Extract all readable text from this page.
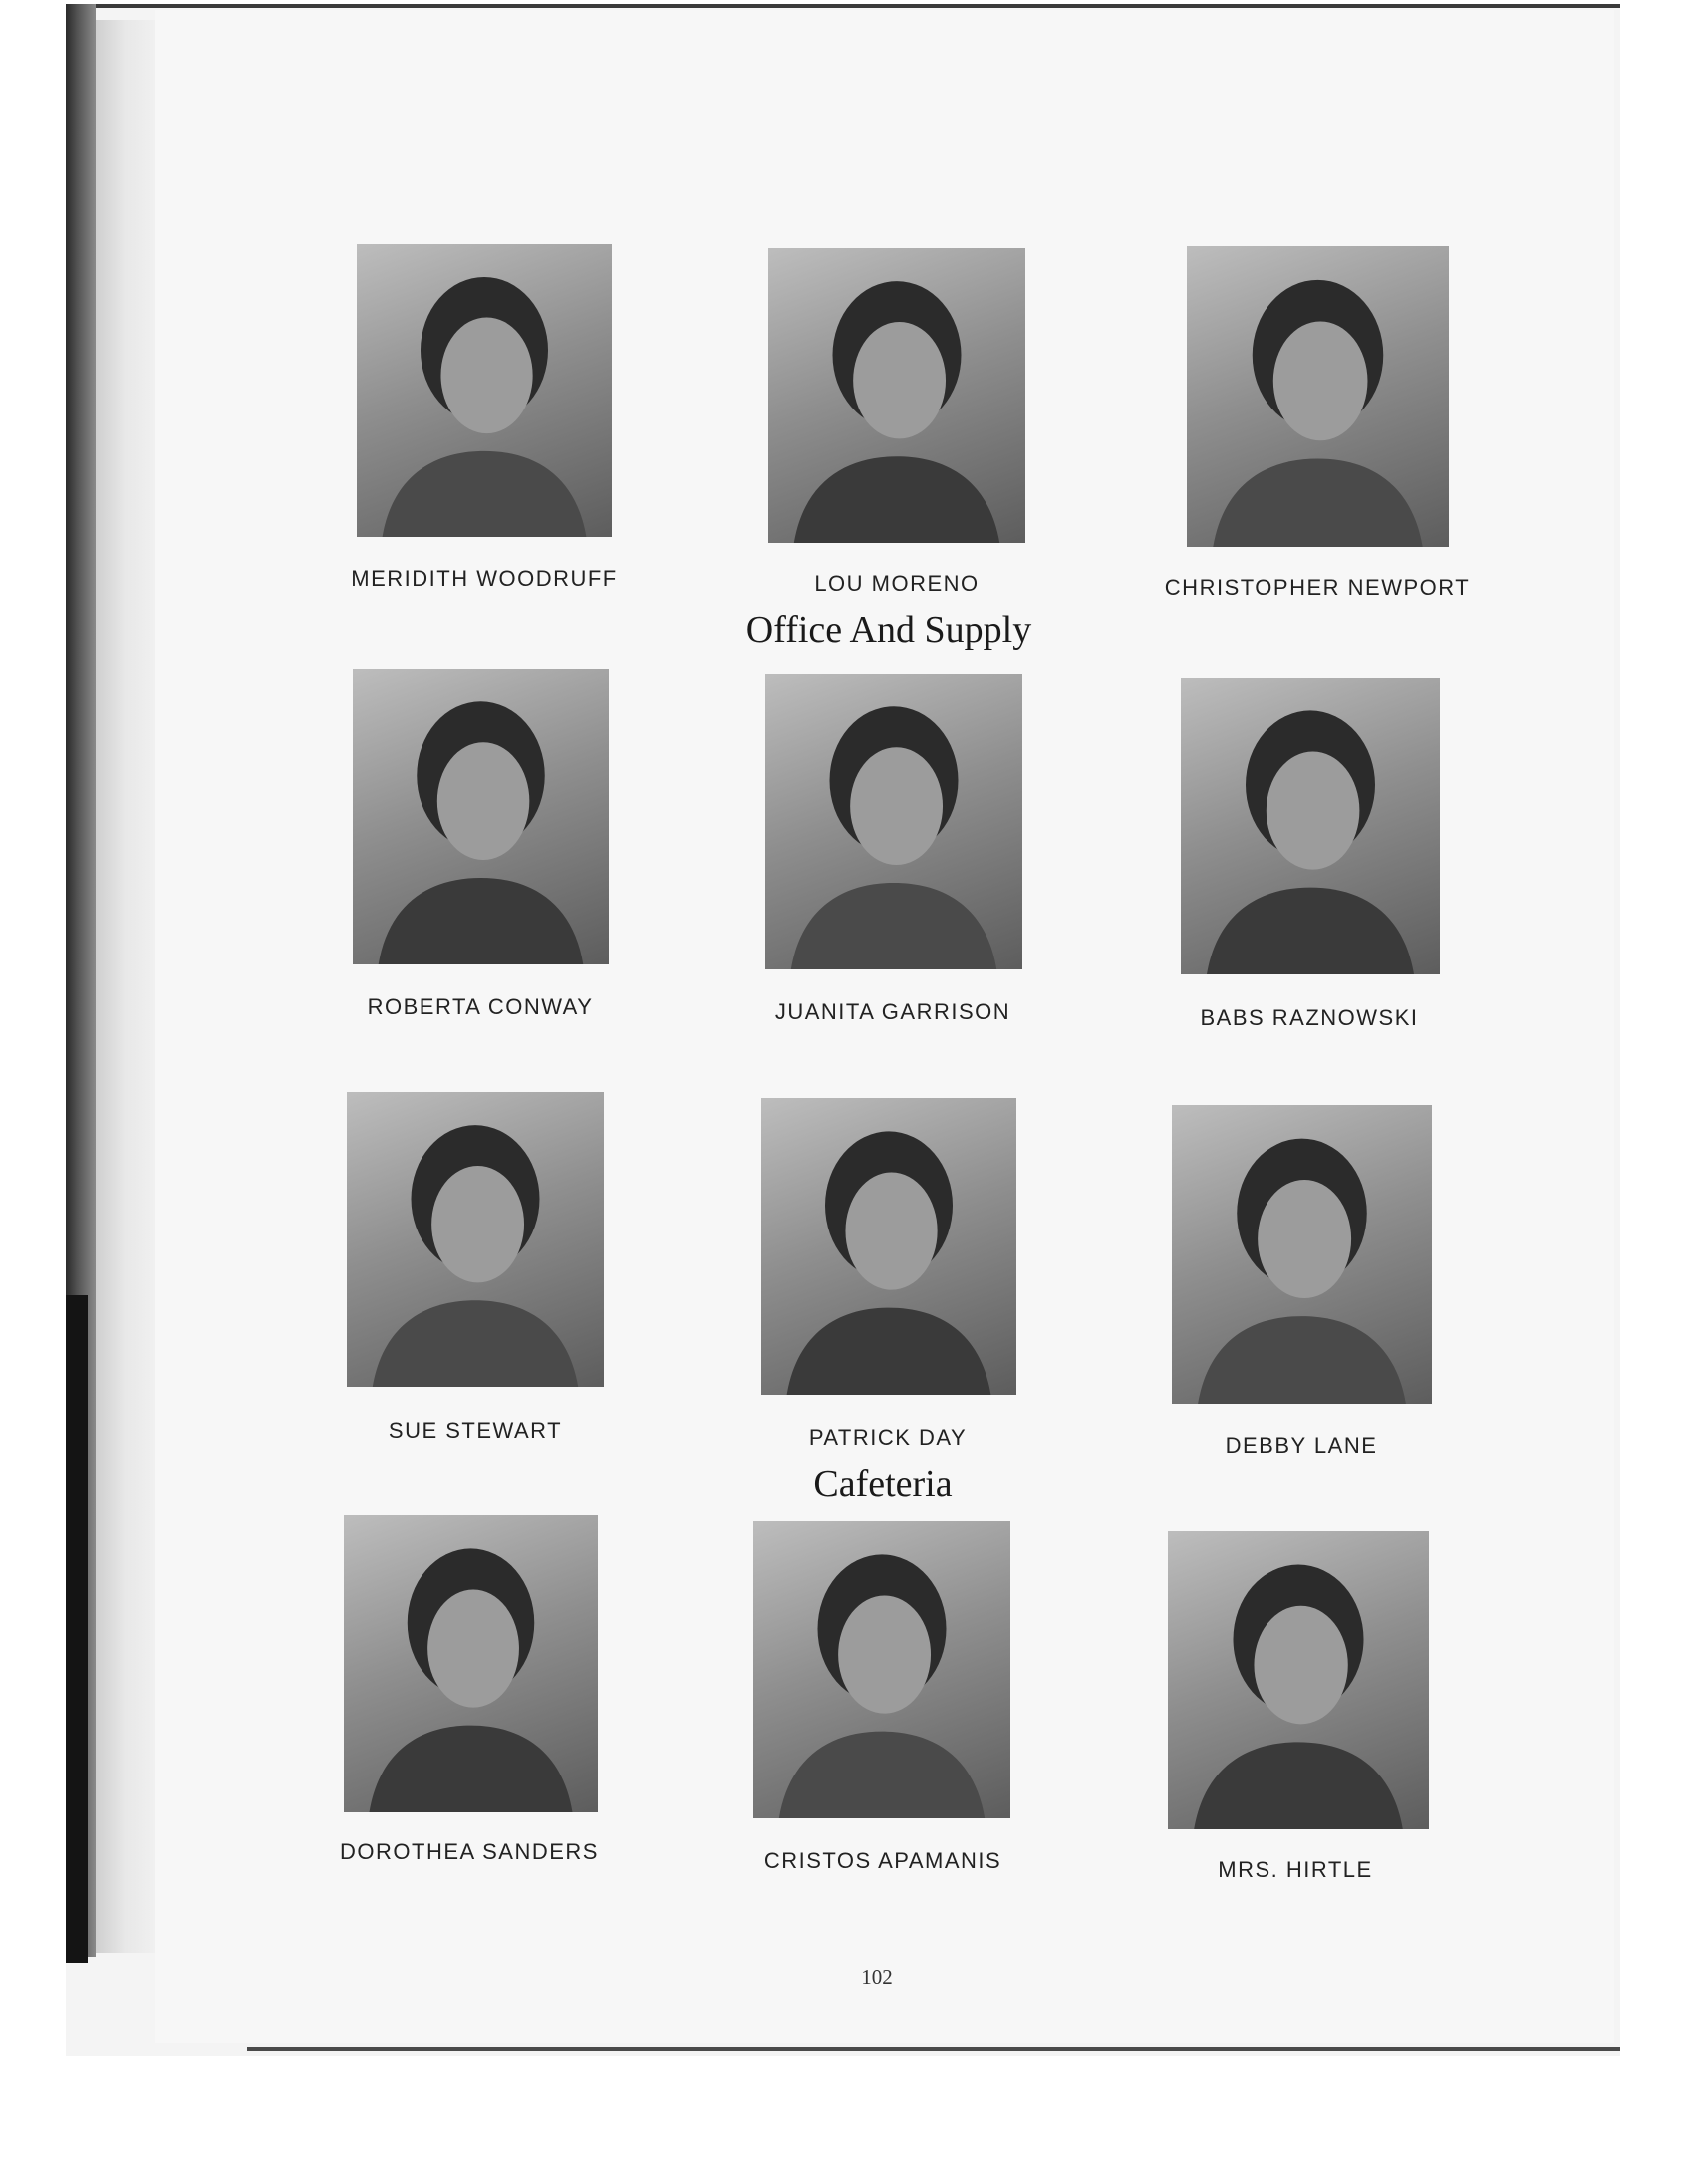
MERIDITH WOODRUFF	LOU MORENO	CHRISTOPHER NEWPORT
Office And Supply
ROBERTA CONWAY	JUANITA GARRISON	BABS RAZNOWSKI
SUE STEWART	PATRICK DAY	DEBBY LANE
Cafeteria
DOROTHEA SANDERS	CRISTOS APAMANIS	MRS. HIRTLE
102
